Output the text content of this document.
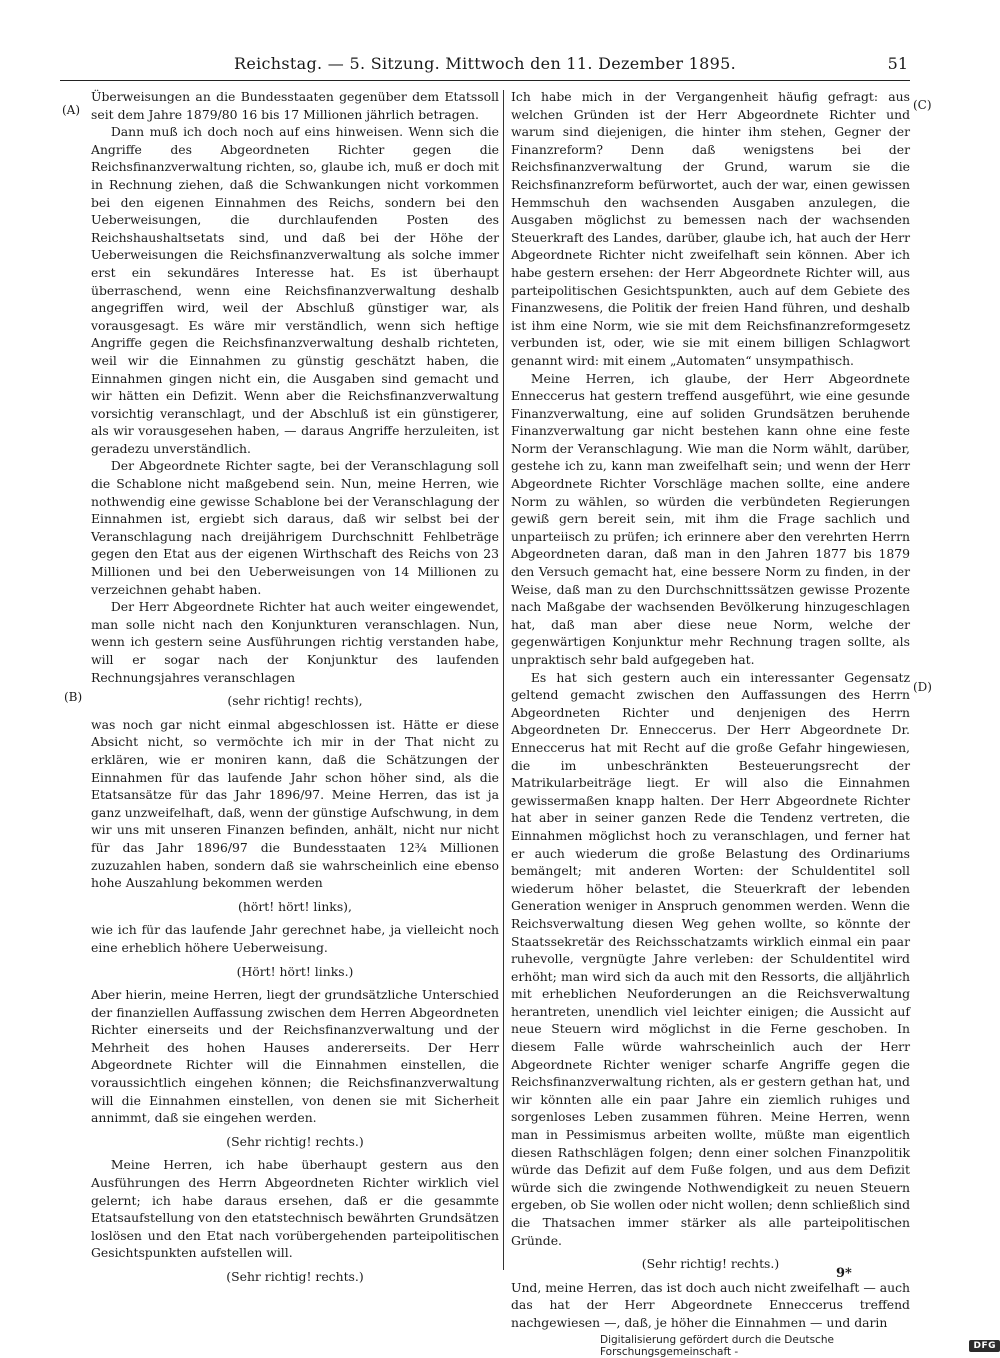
Reichstag. — 5. Sitzung. Mittwoch den 11. Dezember 1895.	51
(A)
(B)
(C)
(D)

Überweisungen an die Bundesstaaten gegenüber dem Etatssoll seit dem Jahre 1879/80 16 bis 17 Millionen jährlich betragen.

Dann muß ich doch noch auf eins hinweisen. Wenn sich die Angriffe des Abgeordneten Richter gegen die Reichsfinanzverwaltung richten, so, glaube ich, muß er doch mit in Rechnung ziehen, daß die Schwankungen nicht vorkommen bei den eigenen Einnahmen des Reichs, sondern bei den Ueberweisungen, die durchlaufenden Posten des Reichshaushaltsetats sind, und daß bei der Höhe der Ueberweisungen die Reichsfinanzverwaltung als solche immer erst ein sekundäres Interesse hat. Es ist überhaupt überraschend, wenn eine Reichsfinanzverwaltung deshalb angegriffen wird, weil der Abschluß günstiger war, als vorausgesagt. Es wäre mir verständlich, wenn sich heftige Angriffe gegen die Reichsfinanzverwaltung deshalb richteten, weil wir die Einnahmen zu günstig geschätzt haben, die Einnahmen gingen nicht ein, die Ausgaben sind gemacht und wir hätten ein Defizit. Wenn aber die Reichsfinanzverwaltung vorsichtig veranschlagt, und der Abschluß ist ein günstigerer, als wir vorausgesehen haben, — daraus Angriffe herzuleiten, ist geradezu unverständlich.

Der Abgeordnete Richter sagte, bei der Veranschlagung soll die Schablone nicht maßgebend sein. Nun, meine Herren, wie nothwendig eine gewisse Schablone bei der Veranschlagung der Einnahmen ist, ergiebt sich daraus, daß wir selbst bei der Veranschlagung nach dreijährigem Durchschnitt Fehlbeträge gegen den Etat aus der eigenen Wirthschaft des Reichs von 23 Millionen und bei den Ueberweisungen von 14 Millionen zu verzeichnen gehabt haben.

Der Herr Abgeordnete Richter hat auch weiter eingewendet, man solle nicht nach den Konjunkturen veranschlagen. Nun, wenn ich gestern seine Ausführungen richtig verstanden habe, will er sogar nach der Konjunktur des laufenden Rechnungsjahres veranschlagen

(sehr richtig! rechts),

was noch gar nicht einmal abgeschlossen ist. Hätte er diese Absicht nicht, so vermöchte ich mir in der That nicht zu erklären, wie er moniren kann, daß die Schätzungen der Einnahmen für das laufende Jahr schon höher sind, als die Etatsansätze für das Jahr 1896/97. Meine Herren, das ist ja ganz unzweifelhaft, daß, wenn der günstige Aufschwung, in dem wir uns mit unseren Finanzen befinden, anhält, nicht nur nicht für das Jahr 1896/97 die Bundesstaaten 12¾ Millionen zuzuzahlen haben, sondern daß sie wahrscheinlich eine ebenso hohe Auszahlung bekommen werden

(hört! hört! links),

wie ich für das laufende Jahr gerechnet habe, ja vielleicht noch eine erheblich höhere Ueberweisung.

(Hört! hört! links.)

Aber hierin, meine Herren, liegt der grundsätzliche Unterschied der finanziellen Auffassung zwischen dem Herren Abgeordneten Richter einerseits und der Reichsfinanzverwaltung und der Mehrheit des hohen Hauses andererseits. Der Herr Abgeordnete Richter will die Einnahmen einstellen, die voraussichtlich eingehen können; die Reichsfinanzverwaltung will die Einnahmen einstellen, von denen sie mit Sicherheit annimmt, daß sie eingehen werden.

(Sehr richtig! rechts.)

Meine Herren, ich habe überhaupt gestern aus den Ausführungen des Herrn Abgeordneten Richter wirklich viel gelernt; ich habe daraus ersehen, daß er die gesammte Etatsaufstellung von den etatstechnisch bewährten Grundsätzen loslösen und den Etat nach vorübergehenden parteipolitischen Gesichtspunkten aufstellen will.

(Sehr richtig! rechts.)

Ich habe mich in der Vergangenheit häufig gefragt: aus welchen Gründen ist der Herr Abgeordnete Richter und warum sind diejenigen, die hinter ihm stehen, Gegner der Finanzreform? Denn daß wenigstens bei der Reichsfinanzverwaltung der Grund, warum sie die Reichsfinanzreform befürwortet, auch der war, einen gewissen Hemmschuh den wachsenden Ausgaben anzulegen, die Ausgaben möglichst zu bemessen nach der wachsenden Steuerkraft des Landes, darüber, glaube ich, hat auch der Herr Abgeordnete Richter nicht zweifelhaft sein können. Aber ich habe gestern ersehen: der Herr Abgeordnete Richter will, aus parteipolitischen Gesichtspunkten, auch auf dem Gebiete des Finanzwesens, die Politik der freien Hand führen, und deshalb ist ihm eine Norm, wie sie mit dem Reichsfinanzreformgesetz verbunden ist, oder, wie sie mit einem billigen Schlagwort genannt wird: mit einem „Automaten“ unsympathisch.

Meine Herren, ich glaube, der Herr Abgeordnete Enneccerus hat gestern treffend ausgeführt, wie eine gesunde Finanzverwaltung, eine auf soliden Grundsätzen beruhende Finanzverwaltung gar nicht bestehen kann ohne eine feste Norm der Veranschlagung. Wie man die Norm wählt, darüber, gestehe ich zu, kann man zweifelhaft sein; und wenn der Herr Abgeordnete Richter Vorschläge machen sollte, eine andere Norm zu wählen, so würden die verbündeten Regierungen gewiß gern bereit sein, mit ihm die Frage sachlich und unparteiisch zu prüfen; ich erinnere aber den verehrten Herrn Abgeordneten daran, daß man in den Jahren 1877 bis 1879 den Versuch gemacht hat, eine bessere Norm zu finden, in der Weise, daß man zu den Durchschnittssätzen gewisse Prozente nach Maßgabe der wachsenden Bevölkerung hinzugeschlagen hat, daß man aber diese neue Norm, welche der gegenwärtigen Konjunktur mehr Rechnung tragen sollte, als unpraktisch sehr bald aufgegeben hat.

Es hat sich gestern auch ein interessanter Gegensatz geltend gemacht zwischen den Auffassungen des Herrn Abgeordneten Richter und denjenigen des Herrn Abgeordneten Dr. Enneccerus. Der Herr Abgeordnete Dr. Enneccerus hat mit Recht auf die große Gefahr hingewiesen, die im unbeschränkten Besteuerungsrecht der Matrikularbeiträge liegt. Er will also die Einnahmen gewissermaßen knapp halten. Der Herr Abgeordnete Richter hat aber in seiner ganzen Rede die Tendenz vertreten, die Einnahmen möglichst hoch zu veranschlagen, und ferner hat er auch wiederum die große Belastung des Ordinariums bemängelt; mit anderen Worten: der Schuldentitel soll wiederum höher belastet, die Steuerkraft der lebenden Generation weniger in Anspruch genommen werden. Wenn die Reichsverwaltung diesen Weg gehen wollte, so könnte der Staatssekretär des Reichsschatzamts wirklich einmal ein paar ruhevolle, vergnügte Jahre verleben: der Schuldentitel wird erhöht; man wird sich da auch mit den Ressorts, die alljährlich mit erheblichen Neuforderungen an die Reichsverwaltung herantreten, unendlich viel leichter einigen; die Aussicht auf neue Steuern wird möglichst in die Ferne geschoben. In diesem Falle würde wahrscheinlich auch der Herr Abgeordnete Richter weniger scharfe Angriffe gegen die Reichsfinanzverwaltung richten, als er gestern gethan hat, und wir könnten alle ein paar Jahre ein ziemlich ruhiges und sorgenloses Leben zusammen führen. Meine Herren, wenn man in Pessimismus arbeiten wollte, müßte man eigentlich diesen Rathschlägen folgen; denn einer solchen Finanzpolitik würde das Defizit auf dem Fuße folgen, und aus dem Defizit würde sich die zwingende Nothwendigkeit zu neuen Steuern ergeben, ob Sie wollen oder nicht wollen; denn schließlich sind die Thatsachen immer stärker als alle parteipolitischen Gründe.

(Sehr richtig! rechts.)

Und, meine Herren, das ist doch auch nicht zweifelhaft — auch das hat der Herr Abgeordnete Enneccerus treffend nachgewiesen —, daß, je höher die Einnahmen — und darin

9*
Digitalisierung gefördert durch die Deutsche Forschungsgemeinschaft -	DFG
